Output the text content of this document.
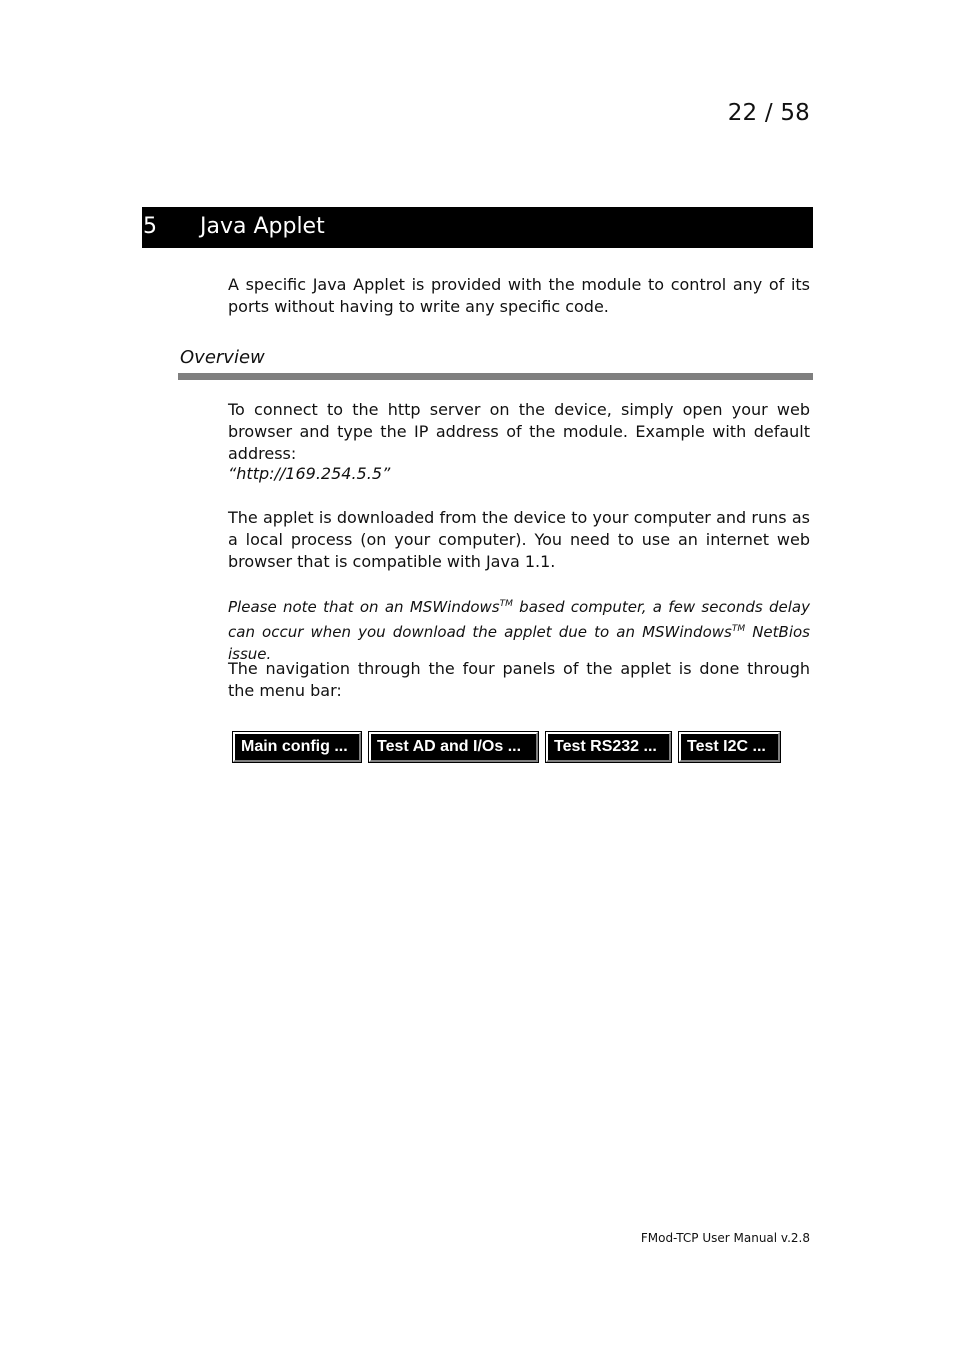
22 / 58
5 Java Applet
A specific Java Applet is provided with the module to control any of its ports without having to write any specific code.
Overview
To connect to the http server on the device, simply open your web browser and type the IP address of the module. Example with default address:
“http://169.254.5.5”
The applet is downloaded from the device to your computer and runs as a local process (on your computer). You need to use an internet web browser that is compatible with Java 1.1.
Please note that on an MSWindows™ based computer, a few seconds delay can occur when you download the applet due to an MSWindows™ NetBios issue.
The navigation through the four panels of the applet is done through the menu bar:
Main config ...	Test AD and I/Os ...	Test RS232 ...	Test I2C ...
FMod-TCP User Manual v.2.8
